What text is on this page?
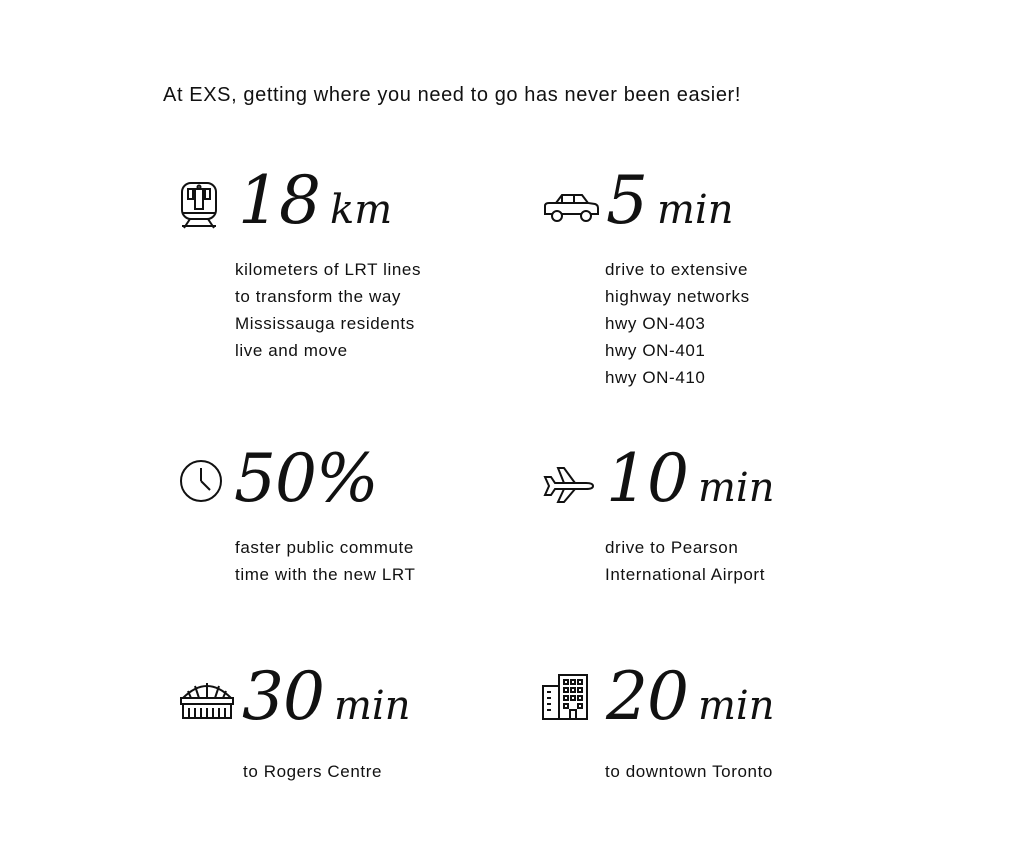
At EXS, getting where you need to go has never been easier!
18 km
kilometers of LRT lines
to transform the way
Mississauga residents
live and move
5 min
drive to extensive
highway networks
hwy ON-403
hwy ON-401
hwy ON-410
50%
faster public commute
time with the new LRT
10 min
drive to Pearson
International Airport
30 min
to Rogers Centre
20 min
to downtown Toronto
